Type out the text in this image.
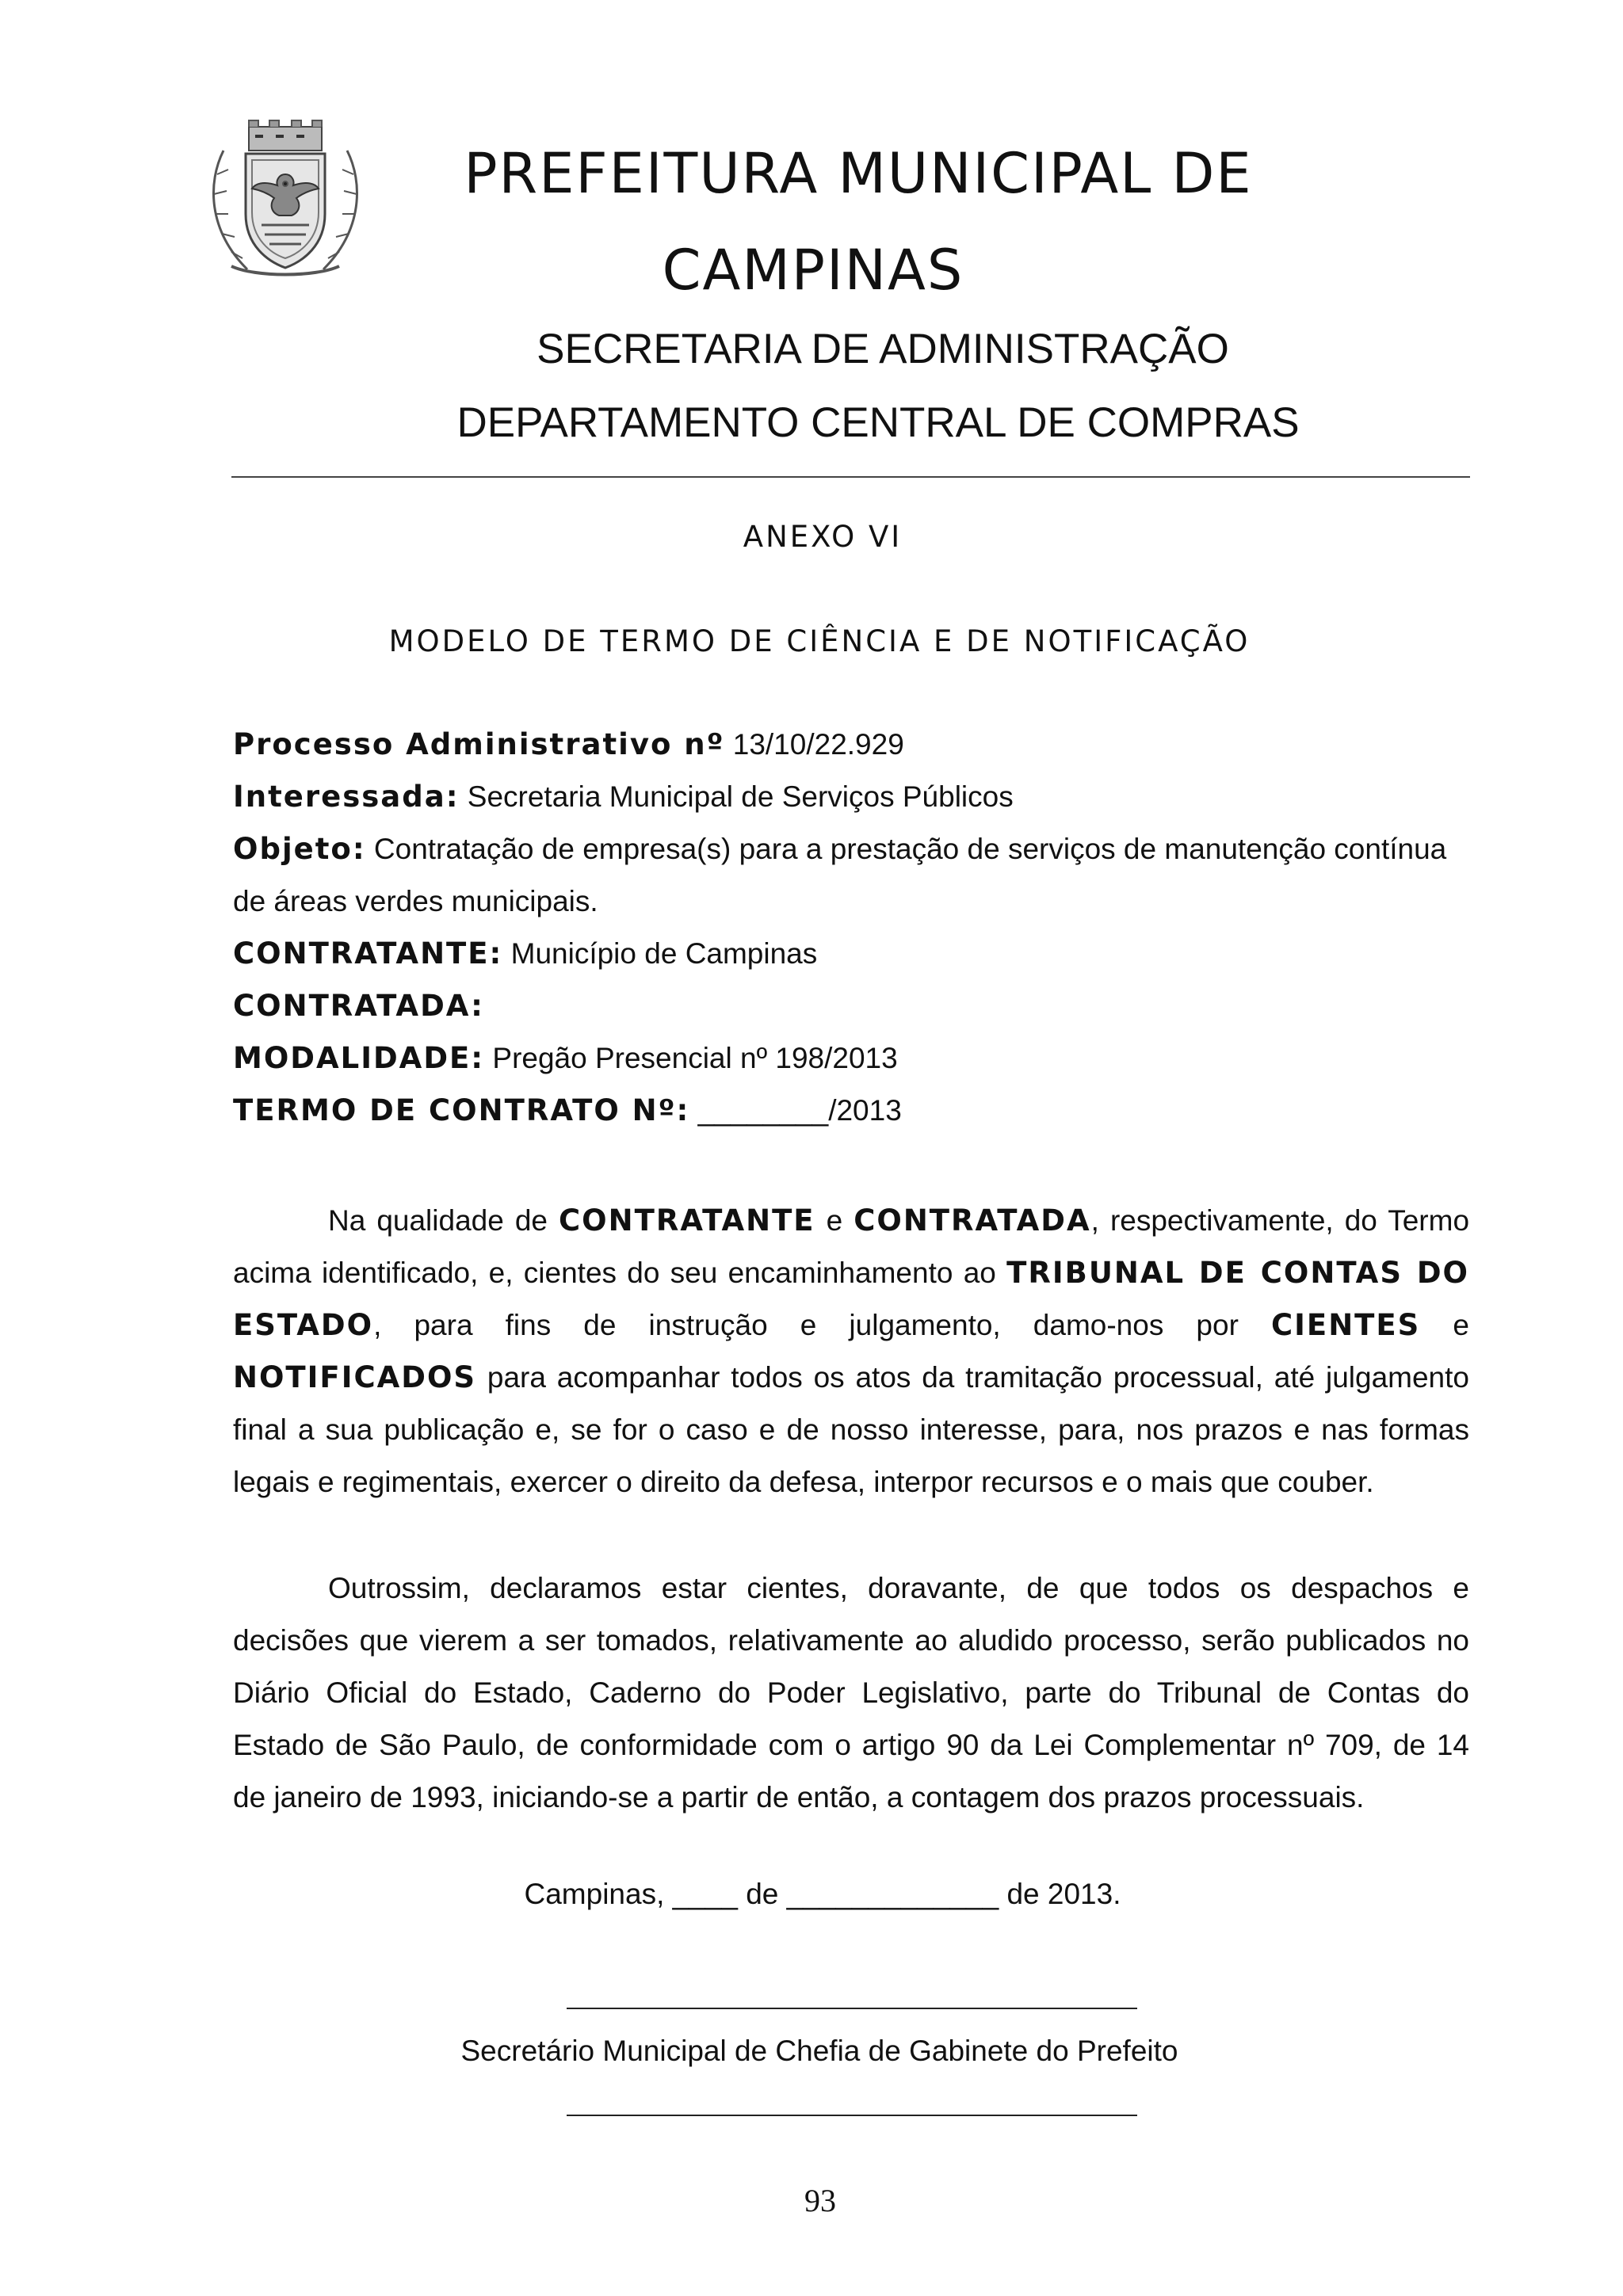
PREFEITURA MUNICIPAL DE
CAMPINAS
SECRETARIA DE ADMINISTRAÇÃO
DEPARTAMENTO CENTRAL DE COMPRAS
ANEXO VI
MODELO DE TERMO DE CIÊNCIA E DE NOTIFICAÇÃO
Processo Administrativo nº 13/10/22.929
Interessada: Secretaria Municipal de Serviços Públicos
Objeto: Contratação de empresa(s) para a prestação de serviços de manutenção contínua
de áreas verdes municipais.
CONTRATANTE: Município de Campinas
CONTRATADA:
MODALIDADE: Pregão Presencial nº 198/2013
TERMO DE CONTRATO Nº: ________/2013
Na qualidade de CONTRATANTE e CONTRATADA, respectivamente, do Termo
acima identificado, e, cientes do seu encaminhamento ao TRIBUNAL DE CONTAS DO
ESTADO, para fins de instrução e julgamento, damo-nos por CIENTES e
NOTIFICADOS para acompanhar todos os atos da tramitação processual, até julgamento
final a sua publicação e, se for o caso e de nosso interesse, para, nos prazos e nas formas
legais e regimentais, exercer o direito da defesa, interpor recursos e o mais que couber.
Outrossim, declaramos estar cientes, doravante, de que todos os despachos e
decisões que vierem a ser tomados, relativamente ao aludido processo, serão publicados no
Diário Oficial do Estado, Caderno do Poder Legislativo, parte do Tribunal de Contas do
Estado de São Paulo, de conformidade com o artigo 90 da Lei Complementar nº 709, de 14
de janeiro de 1993, iniciando-se a partir de então, a contagem dos prazos processuais.
Campinas, ____ de _____________ de 2013.
Secretário Municipal de Chefia de Gabinete do Prefeito
93
